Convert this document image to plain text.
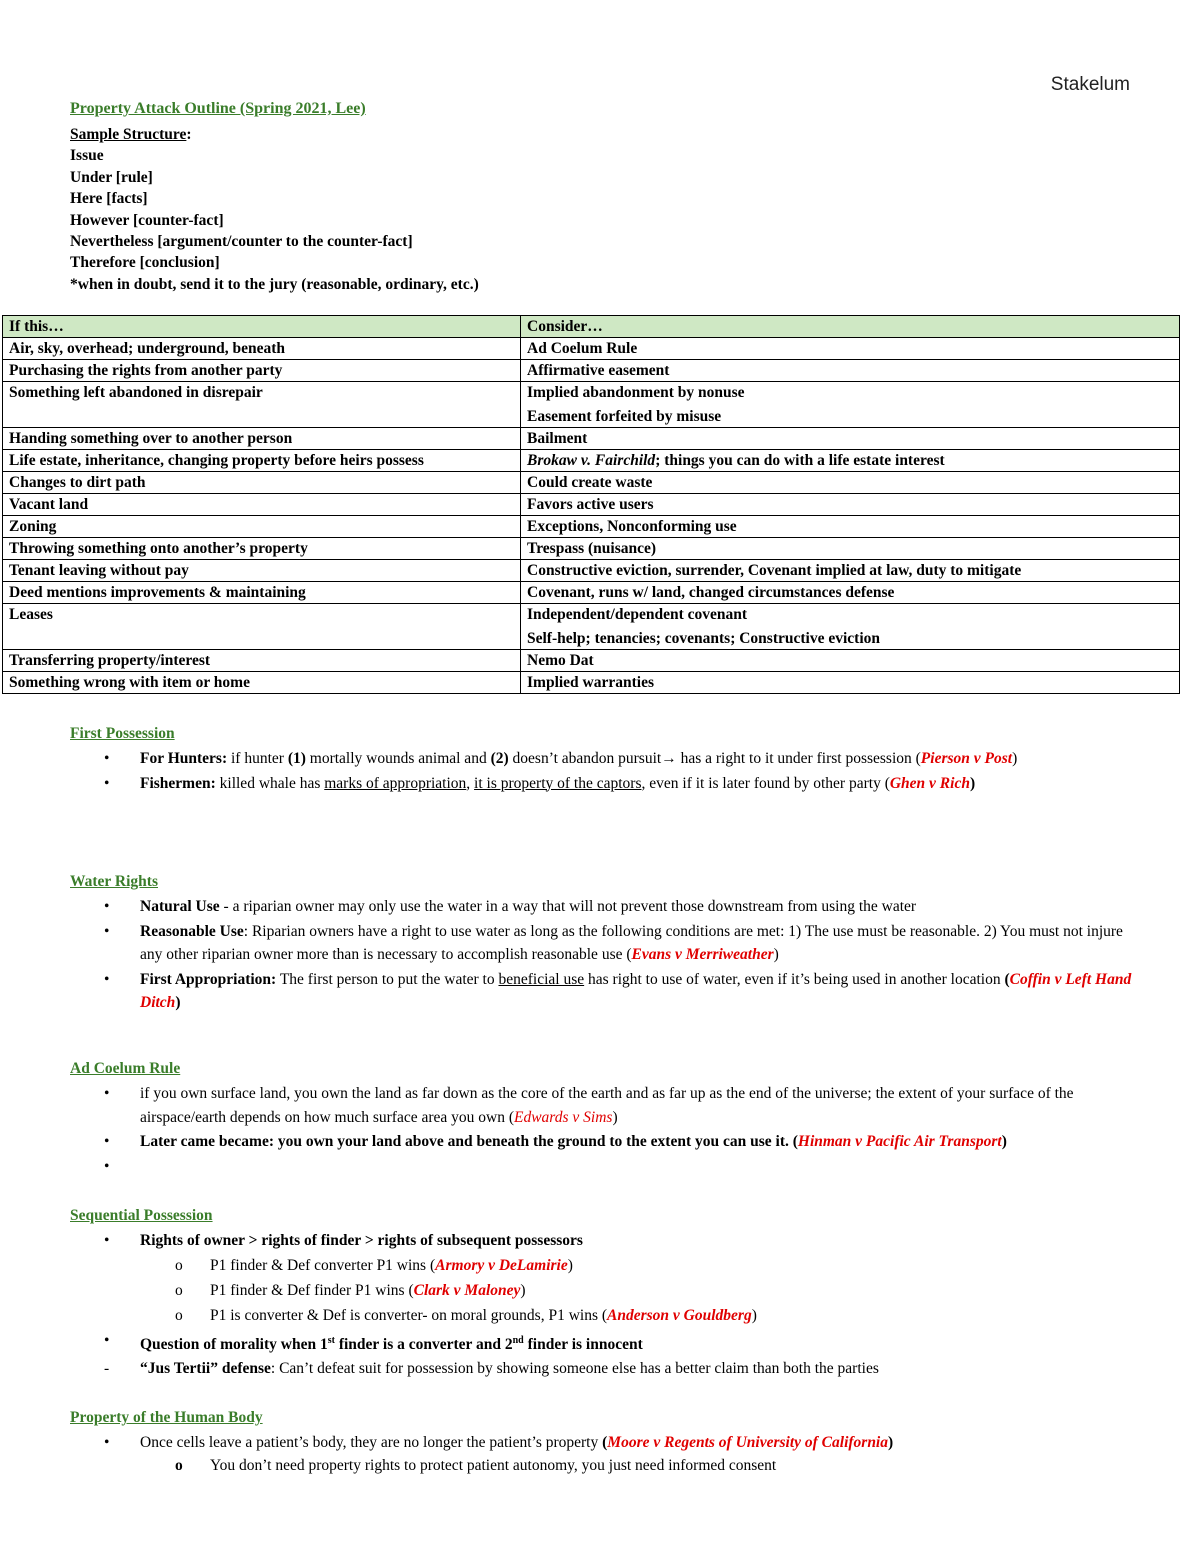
Stakelum
Property Attack Outline (Spring 2021, Lee)
Sample Structure:
Issue
Under [rule]
Here [facts]
However [counter-fact]
Nevertheless [argument/counter to the counter-fact]
Therefore [conclusion]
*when in doubt, send it to the jury (reasonable, ordinary, etc.)
If this…	Consider…
Air, sky, overhead; underground, beneath	Ad Coelum Rule
Purchasing the rights from another party	Affirmative easement
Something left abandoned in disrepair	Implied abandonment by nonuse
Easement forfeited by misuse

Handing something over to another person	Bailment
Life estate, inheritance, changing property before heirs possess	Brokaw v. Fairchild; things you can do with a life estate interest
Changes to dirt path	Could create waste
Vacant land	Favors active users
Zoning	Exceptions, Nonconforming use
Throwing something onto another’s property	Trespass (nuisance)
Tenant leaving without pay	Constructive eviction, surrender, Covenant implied at law, duty to mitigate
Deed mentions improvements & maintaining	Covenant, runs w/ land, changed circumstances defense
Leases	Independent/dependent covenant
Self-help; tenancies; covenants; Constructive eviction

Transferring property/interest	Nemo Dat
Something wrong with item or home	Implied warranties
First Possession
• For Hunters: if hunter (1) mortally wounds animal and (2) doesn’t abandon pursuit→ has a right to it under first possession (Pierson v Post)
• Fishermen: killed whale has marks of appropriation, it is property of the captors, even if it is later found by other party (Ghen v Rich)
Water Rights
• Natural Use - a riparian owner may only use the water in a way that will not prevent those downstream from using the water
• Reasonable Use: Riparian owners have a right to use water as long as the following conditions are met: 1) The use must be reasonable. 2) You must not injure any other riparian owner more than is necessary to accomplish reasonable use (Evans v Merriweather)
• First Appropriation: The first person to put the water to beneficial use has right to use of water, even if it’s being used in another location (Coffin v Left Hand Ditch)
Ad Coelum Rule
• if you own surface land, you own the land as far down as the core of the earth and as far up as the end of the universe; the extent of your surface of the airspace/earth depends on how much surface area you own (Edwards v Sims)
• Later came became: you own your land above and beneath the ground to the extent you can use it. (Hinman v Pacific Air Transport)
•

Sequential Possession
• Rights of owner > rights of finder > rights of subsequent possessors
o P1 finder & Def converter P1 wins (Armory v DeLamirie)
o P1 finder & Def finder P1 wins (Clark v Maloney)
o P1 is converter & Def is converter- on moral grounds, P1 wins (Anderson v Gouldberg)
• Question of morality when 1st finder is a converter and 2nd finder is innocent
- “Jus Tertii” defense: Can’t defeat suit for possession by showing someone else has a better claim than both the parties
Property of the Human Body
• Once cells leave a patient’s body, they are no longer the patient’s property (Moore v Regents of University of California)
o You don’t need property rights to protect patient autonomy, you just need informed consent
